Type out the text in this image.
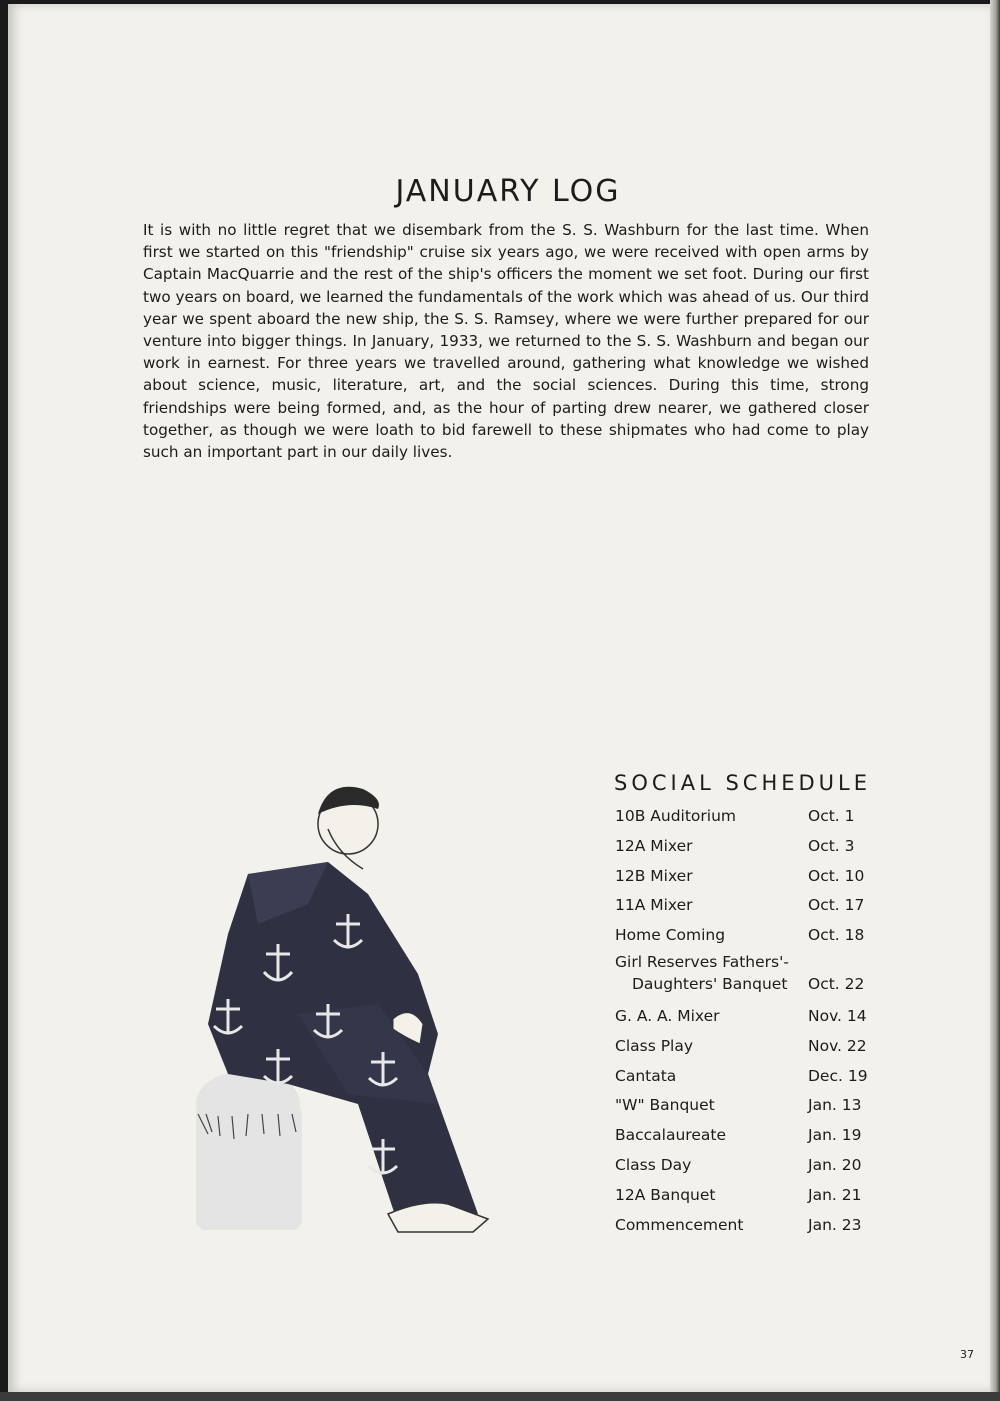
JANUARY LOG

It is with no little regret that we disembark from the S. S. Washburn for the last time. When first we started on this "friendship" cruise six years ago, we were received with open arms by Captain MacQuarrie and the rest of the ship's officers the moment we set foot. During our first two years on board, we learned the fundamentals of the work which was ahead of us. Our third year we spent aboard the new ship, the S. S. Ramsey, where we were further prepared for our venture into bigger things. In January, 1933, we returned to the S. S. Washburn and began our work in earnest. For three years we travelled around, gathering what knowledge we wished about science, music, literature, art, and the social sciences. During this time, strong friendships were being formed, and, as the hour of parting drew nearer, we gathered closer together, as though we were loath to bid farewell to these shipmates who had come to play such an important part in our daily lives.

SOCIAL SCHEDULE
10B Auditorium	Oct. 1
12A Mixer	Oct. 3
12B Mixer	Oct. 10
11A Mixer	Oct. 17
Home Coming	Oct. 18
Girl Reserves Fathers'-
Daughters' Banquet Oct. 22
G. A. A. Mixer	Nov. 14
Class Play	Nov. 22
Cantata	Dec. 19
"W" Banquet	Jan. 13
Baccalaureate	Jan. 19
Class Day	Jan. 20
12A Banquet	Jan. 21
Commencement	Jan. 23
37
